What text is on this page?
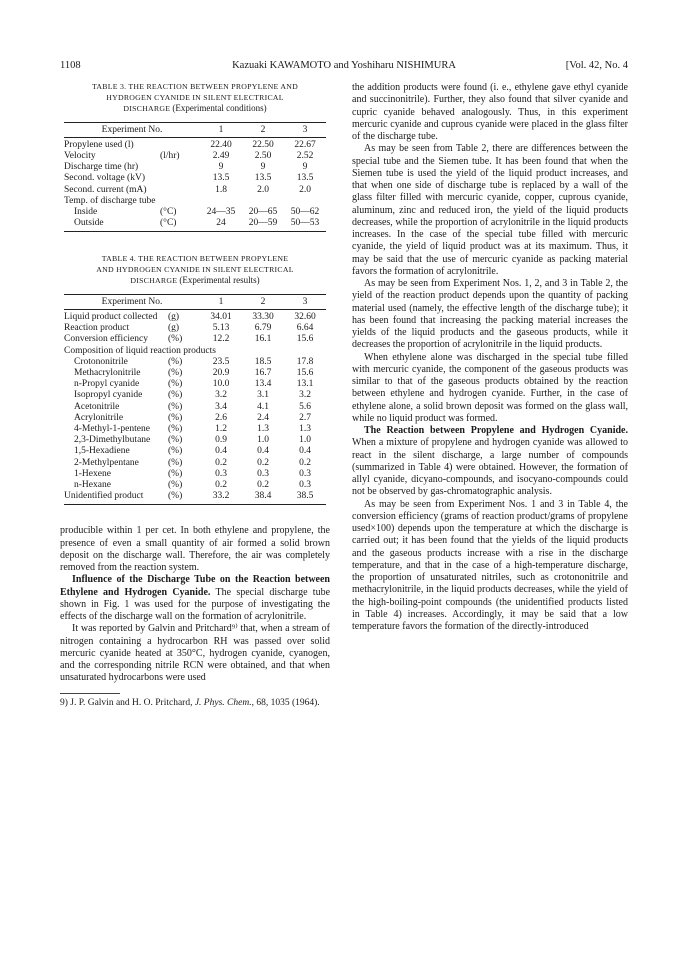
1108	Kazuaki KAWAMOTO and Yoshiharu NISHIMURA	[Vol. 42, No. 4
TABLE 3. THE REACTION BETWEEN PROPYLENE AND
HYDROGEN CYANIDE IN SILENT ELECTRICAL
DISCHARGE (Experimental conditions)
Experiment No.		1	2	3
Propylene used (l)		22.40	22.50	22.67
Velocity	(l/hr)	2.49	2.50	2.52
Discharge time (hr)		9	9	9
Second. voltage (kV)		13.5	13.5	13.5
Second. current (mA)		1.8	2.0	2.0
Temp. of discharge tube				
Inside	(°C)	24—35	20—65	50—62
Outside	(°C)	24	20—59	50—53
TABLE 4. THE REACTION BETWEEN PROPYLENE
AND HYDROGEN CYANIDE IN SILENT ELECTRICAL
DISCHARGE (Experimental results)
Experiment No.		1	2	3
Liquid product collected	(g)	34.01	33.30	32.60
Reaction product	(g)	5.13	6.79	6.64
Conversion efficiency	(%)	12.2	16.1	15.6
Composition of liquid reaction products				
Crotononitrile	(%)	23.5	18.5	17.8
Methacrylonitrile	(%)	20.9	16.7	15.6
n-Propyl cyanide	(%)	10.0	13.4	13.1
Isopropyl cyanide	(%)	3.2	3.1	3.2
Acetonitrile	(%)	3.4	4.1	5.6
Acrylonitrile	(%)	2.6	2.4	2.7
4-Methyl-1-pentene	(%)	1.2	1.3	1.3
2,3-Dimethylbutane	(%)	0.9	1.0	1.0
1,5-Hexadiene	(%)	0.4	0.4	0.4
2-Methylpentane	(%)	0.2	0.2	0.2
1-Hexene	(%)	0.3	0.3	0.3
n-Hexane	(%)	0.2	0.2	0.3
Unidentified product	(%)	33.2	38.4	38.5

producible within 1 per cet. In both ethylene and propylene, the presence of even a small quantity of air formed a solid brown deposit on the discharge wall. Therefore, the air was completely removed from the reaction system.

Influence of the Discharge Tube on the Reaction between Ethylene and Hydrogen Cyanide. The special discharge tube shown in Fig. 1 was used for the purpose of investigating the effects of the discharge wall on the formation of acrylonitrile.

It was reported by Galvin and Pritchard⁹⁾ that, when a stream of nitrogen containing a hydrocarbon RH was passed over solid mercuric cyanide heated at 350°C, hydrogen cyanide, cyanogen, and the corresponding nitrile RCN were obtained, and that when unsaturated hydrocarbons were used

9) J. P. Galvin and H. O. Pritchard, J. Phys. Chem., 68, 1035 (1964).

the addition products were found (i. e., ethylene gave ethyl cyanide and succinonitrile). Further, they also found that silver cyanide and cupric cyanide behaved analogously. Thus, in this experiment mercuric cyanide and cuprous cyanide were placed in the glass filter of the discharge tube.

As may be seen from Table 2, there are differences between the special tube and the Siemen tube. It has been found that when the Siemen tube is used the yield of the liquid product increases, and that when one side of discharge tube is replaced by a wall of the glass filter filled with mercuric cyanide, copper, cuprous cyanide, aluminum, zinc and reduced iron, the yield of the liquid products decreases, while the proportion of acrylonitrile in the liquid products increases. In the case of the special tube filled with mercuric cyanide, the yield of liquid product was at its maximum. Thus, it may be said that the use of mercuric cyanide as packing material favors the formation of acrylonitrile.

As may be seen from Experiment Nos. 1, 2, and 3 in Table 2, the yield of the reaction product depends upon the quantity of packing material used (namely, the effective length of the discharge tube); it has been found that increasing the packing material increases the yields of the liquid products and the gaseous products, while it decreases the proportion of acrylonitrile in the liquid products.

When ethylene alone was discharged in the special tube filled with mercuric cyanide, the component of the gaseous products was similar to that of the gaseous products obtained by the reaction between ethylene and hydrogen cyanide. Further, in the case of ethylene alone, a solid brown deposit was formed on the glass wall, while no liquid product was formed.

The Reaction between Propylene and Hydrogen Cyanide. When a mixture of propylene and hydrogen cyanide was allowed to react in the silent discharge, a large number of compounds (summarized in Table 4) were obtained. However, the formation of allyl cyanide, dicyano-compounds, and isocyano-compounds could not be observed by gas-chromatographic analysis.

As may be seen from Experiment Nos. 1 and 3 in Table 4, the conversion efficiency (grams of reaction product/grams of propylene used×100) depends upon the temperature at which the discharge is carried out; it has been found that the yields of the liquid products and the gaseous products increase with a rise in the discharge temperature, and that in the case of a high-temperature discharge, the proportion of unsaturated nitriles, such as crotononitrile and methacrylonitrile, in the liquid products decreases, while the yield of the high-boiling-point compounds (the unidentified products listed in Table 4) increases. Accordingly, it may be said that a low temperature favors the formation of the directly-introduced
